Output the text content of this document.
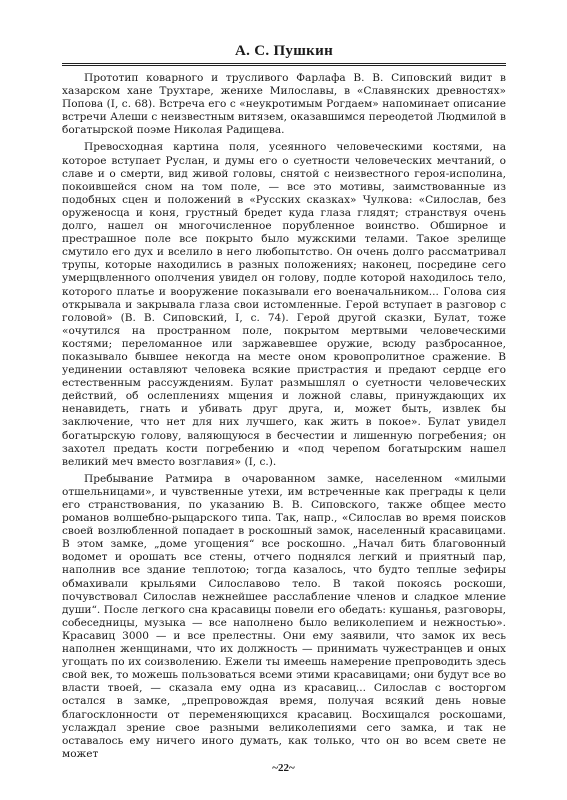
А. С. Пушкин

Прототип коварного и трусливого Фарлафа В. В. Сиповский видит в хазарском хане Трухтаре, женихе Милославы, в «Славянских древностях» Попова (I, с. 68). Встреча его с «неукротимым Рогдаем» напоминает описание встречи Алеши с неизвестным витязем, оказавшимся переодетой Людмилой в богатырской поэме Николая Радищева.

Превосходная картина поля, усеянного человеческими костями, на которое вступает Руслан, и думы его о суетности человеческих мечтаний, о славе и о смерти, вид живой головы, снятой с неизвестного героя-исполина, покоившейся сном на том поле, — все это мотивы, заимствованные из подобных сцен и положений в «Русских сказках» Чулкова: «Силослав, без оруженосца и коня, грустный бредет куда глаза глядят; странствуя очень долго, нашел он многочисленное порубленное воинство. Обширное и престрашное поле все покрыто было мужскими телами. Такое зрелище смутило его дух и вселило в него любопытство. Он очень долго рассматривал трупы, которые находились в разных положениях; наконец, посредине сего умерщвленного ополчения увидел он голову, подле которой находилось тело, которого платье и вооружение показывали его военачальником... Голова сия открывала и закрывала глаза свои истомленные. Герой вступает в разговор с головой» (В. В. Сиповский, I, с. 74). Герой другой сказки, Булат, тоже «очутился на пространном поле, покрытом мертвыми человеческими костями; переломанное или заржавевшее оружие, всюду разбросанное, показывало бывшее некогда на месте оном кровопролитное сражение. В уединении оставляют человека всякие пристрастия и предают сердце его естественным рассуждениям. Булат размышлял о суетности человеческих действий, об ослеплениях мщения и ложной славы, принуждающих их ненавидеть, гнать и убивать друг друга, и, может быть, извлек бы заключение, что нет для них лучшего, как жить в покое». Булат увидел богатырскую голову, валяющуюся в бесчестии и лишенную погребения; он захотел предать кости погребению и «под черепом богатырским нашел великий меч вместо возглавия» (I, с.).

Пребывание Ратмира в очарованном замке, населенном «милыми отшельницами», и чувственные утехи, им встреченные как преграды к цели его странствования, по указанию В. В. Сиповского, также общее место романов волшебно-рыцарского типа. Так, напр., «Силослав во время поисков своей возлюбленной попадает в роскошный замок, населенный красавицами. В этом замке, „доме угощения“ все роскошно. „Начал бить благовонный водомет и орошать все стены, отчего поднялся легкий и приятный пар, наполнив все здание теплотою; тогда казалось, что будто теплые зефиры обмахивали крыльями Силославово тело. В такой покоясь роскоши, почувствовал Силослав нежнейшее расслабление членов и сладкое мление души“. После легкого сна красавицы повели его обедать: кушанья, разговоры, собеседницы, музыка — все наполнено было великолепием и нежностью». Красавиц 3000 — и все прелестны. Они ему заявили, что замок их весь наполнен женщинами, что их должность — принимать чужестранцев и оных угощать по их соизволению. Ежели ты имеешь намерение препроводить здесь свой век, то можешь пользоваться всеми этими красавицами; они будут все во власти твоей, — сказала ему одна из красавиц... Силослав с восторгом остался в замке, „препровождая время, получая всякий день новые благосклонности от переменяющихся красавиц. Восхищался роскошами, услаждал зрение свое разными великолепиями сего замка, и так не оставалось ему ничего иного думать, как только, что он во всем свете не может

~22~
